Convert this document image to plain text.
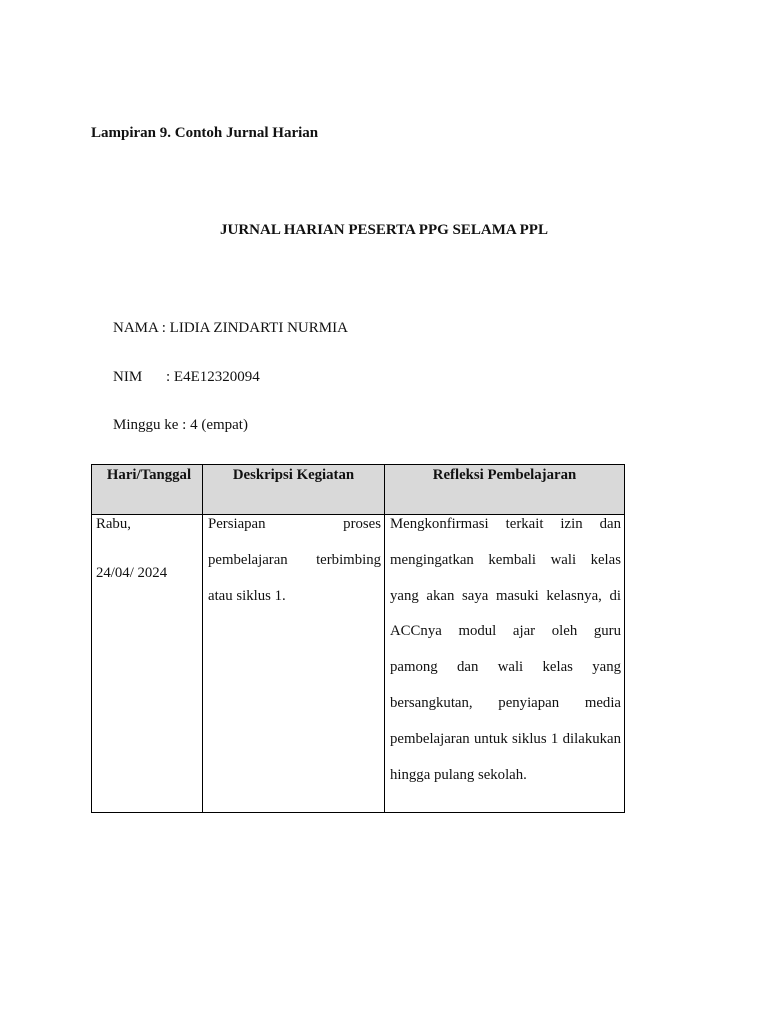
Lampiran 9. Contoh Jurnal Harian
JURNAL HARIAN PESERTA PPG SELAMA PPL
NAMA : LIDIA ZINDARTI NURMIA
NIM : E4E12320094
Minggu ke : 4 (empat)
Hari/Tanggal	Deskripsi Kegiatan	Refleksi Pembelajaran
Rabu,
24/04/ 2024
Persiapan proses
pembelajaran terbimbing
atau siklus 1.
Mengkonfirmasi terkait izin dan
mengingatkan kembali wali kelas
yang akan saya masuki kelasnya, di
ACCnya modul ajar oleh guru
pamong dan wali kelas yang
bersangkutan, penyiapan media
pembelajaran untuk siklus 1 dilakukan
hingga pulang sekolah.
